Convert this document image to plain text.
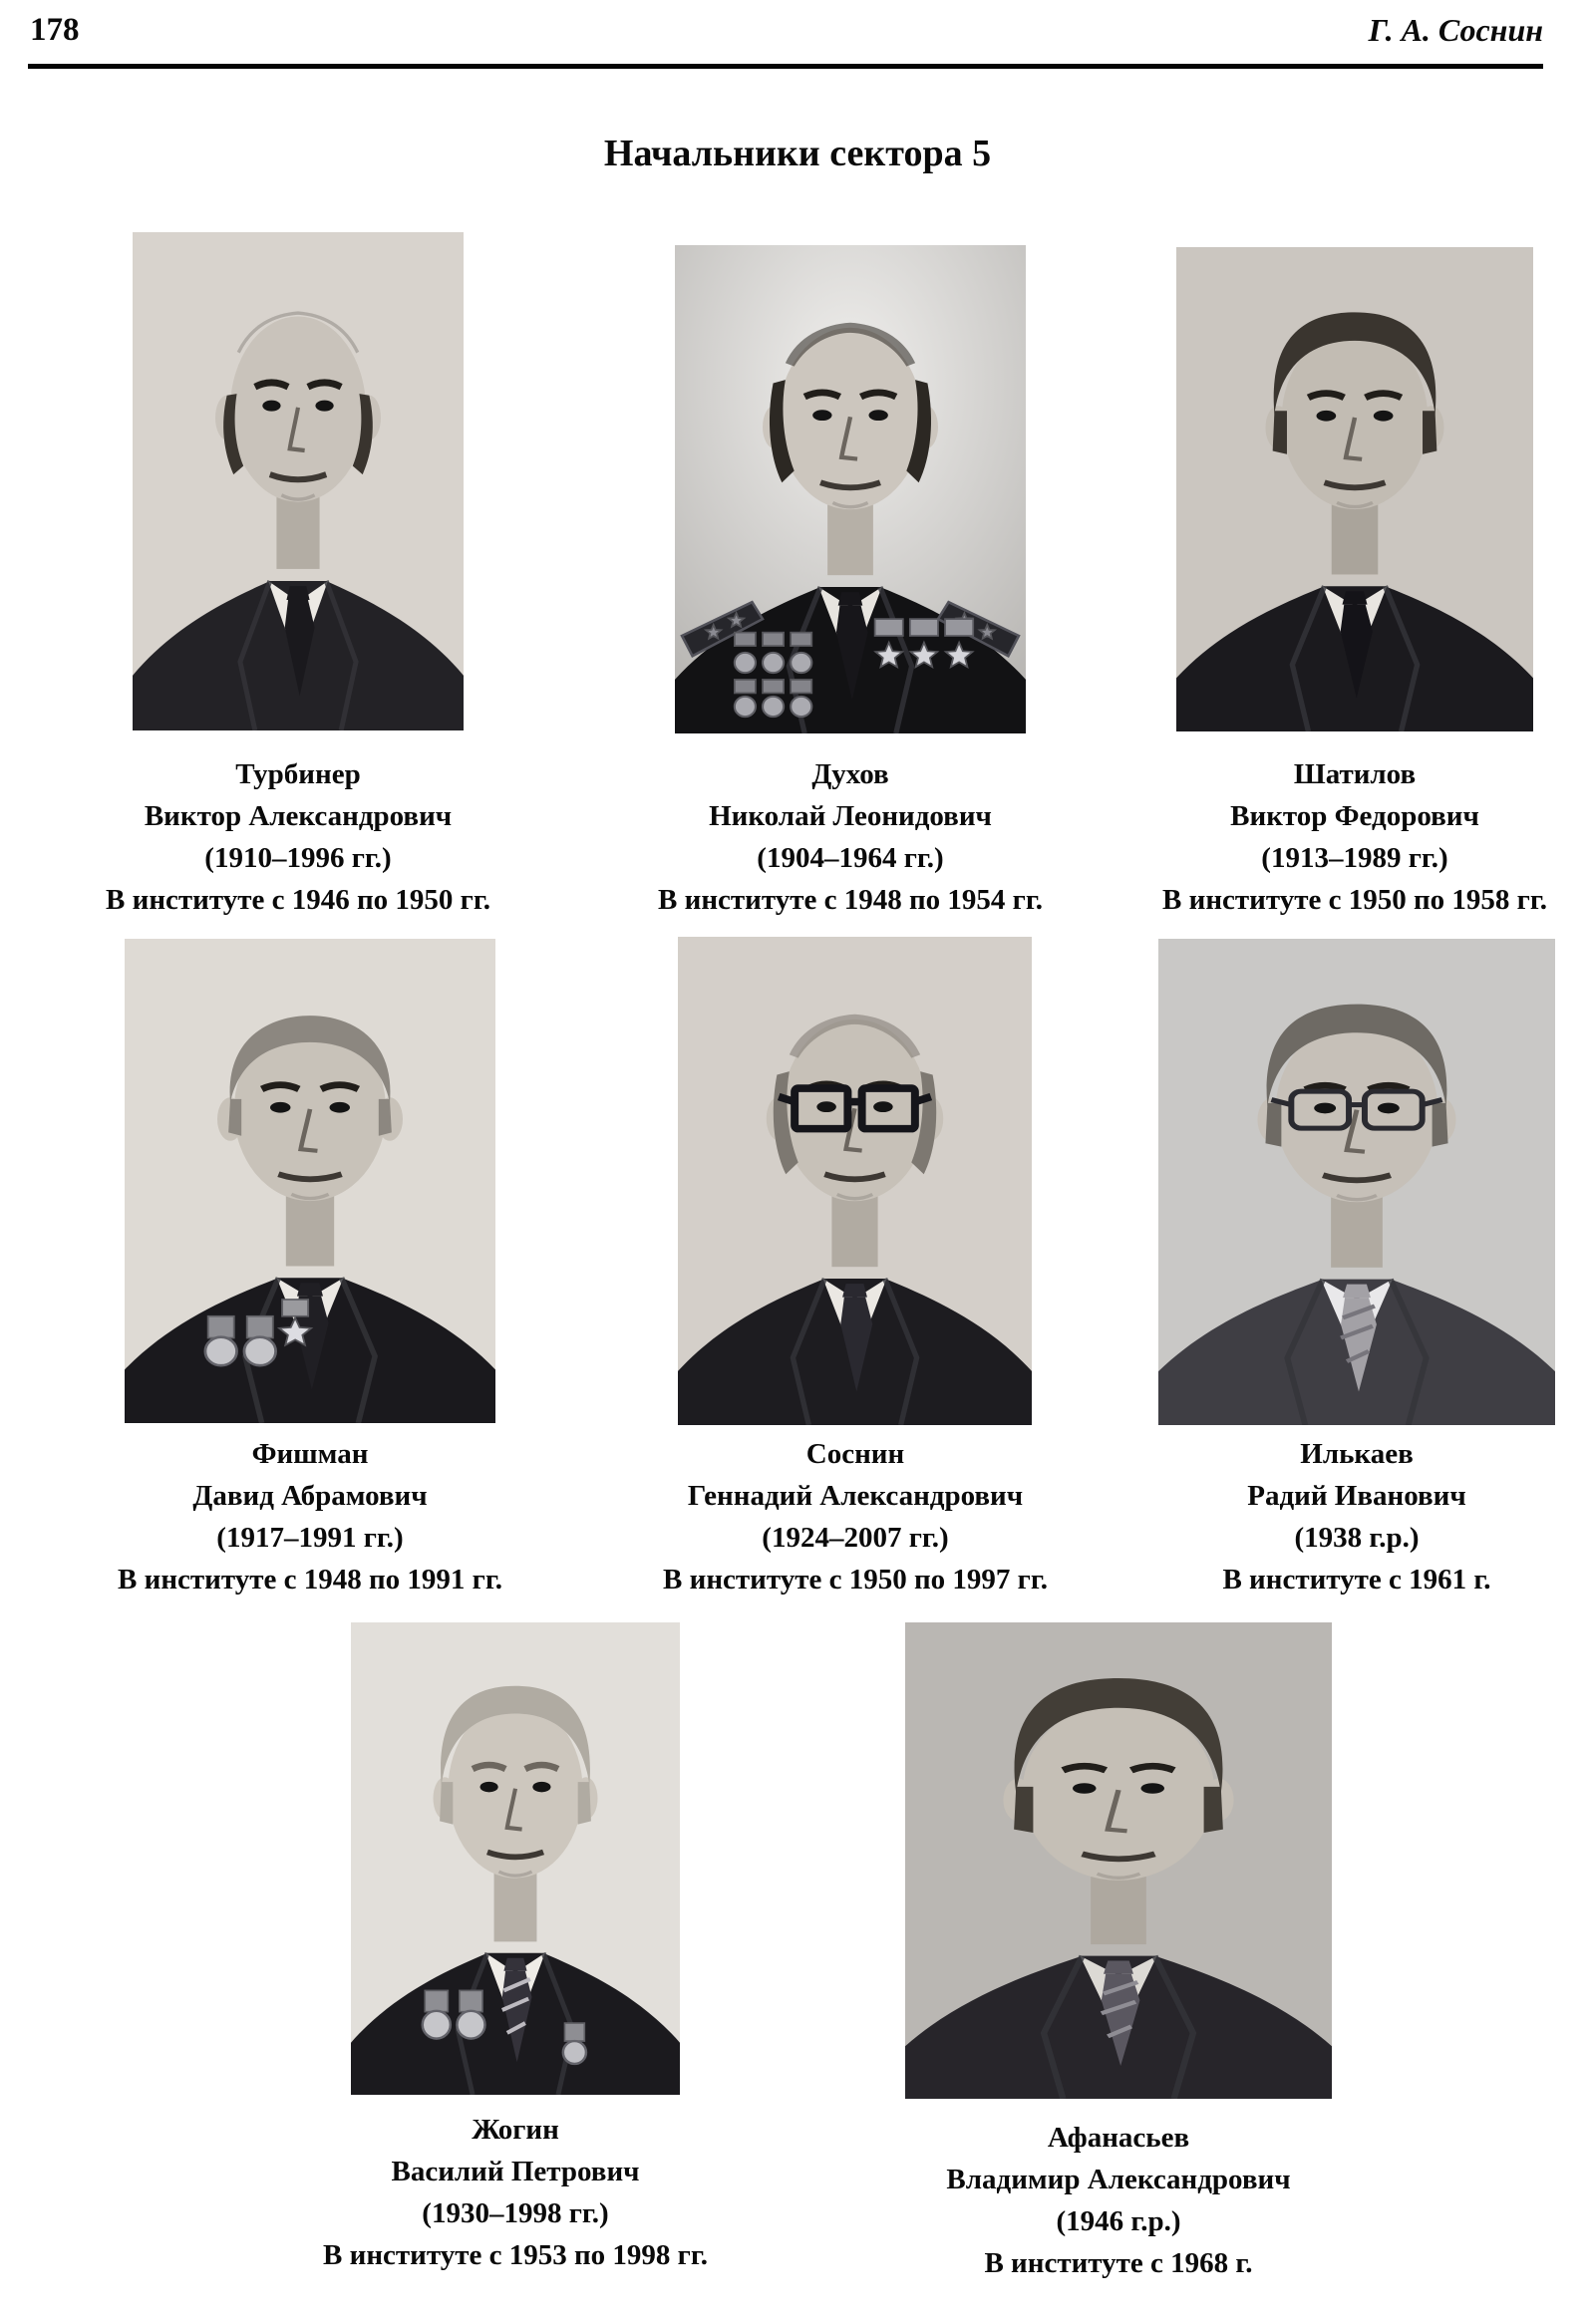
178	Г. А. Соснин
Начальники сектора 5
Турбинер
Виктор Александрович
(1910–1996 гг.)
В институте с 1946 по 1950 гг.
Духов
Николай Леонидович
(1904–1964 гг.)
В институте с 1948 по 1954 гг.
Шатилов
Виктор Федорович
(1913–1989 гг.)
В институте с 1950 по 1958 гг.
Фишман
Давид Абрамович
(1917–1991 гг.)
В институте с 1948 по 1991 гг.
Соснин
Геннадий Александрович
(1924–2007 гг.)
В институте с 1950 по 1997 гг.
Илькаев
Радий Иванович
(1938 г.р.)
В институте с 1961 г.
Жогин
Василий Петрович
(1930–1998 гг.)
В институте с 1953 по 1998 гг.
Афанасьев
Владимир Александрович
(1946 г.р.)
В институте с 1968 г.
